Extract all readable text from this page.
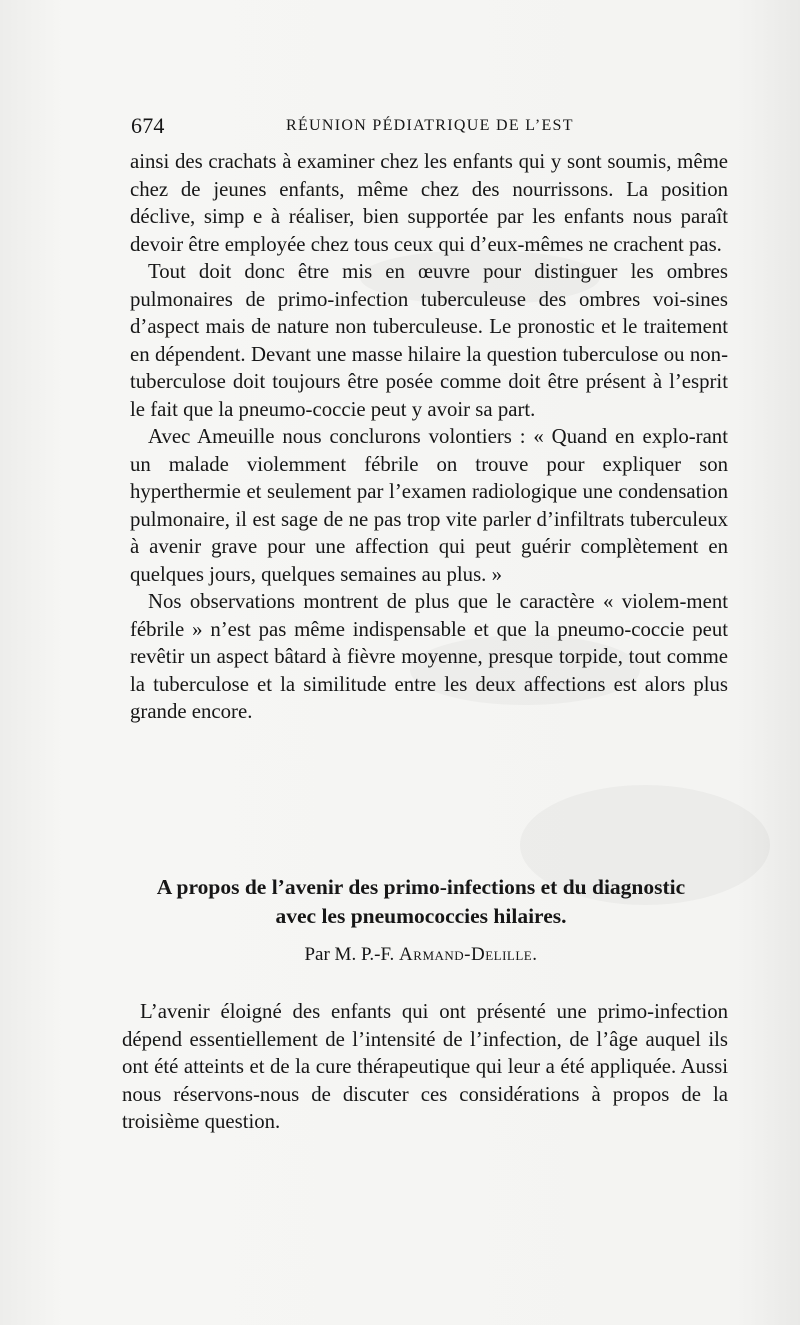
674	RÉUNION PÉDIATRIQUE DE L’EST

ainsi des crachats à examiner chez les enfants qui y sont soumis, même chez de jeunes enfants, même chez des nourrissons. La position déclive, simp e à réaliser, bien supportée par les enfants nous paraît devoir être employée chez tous ceux qui d’eux-mêmes ne crachent pas.

Tout doit donc être mis en œuvre pour distinguer les ombres pulmonaires de primo-infection tuberculeuse des ombres voi-sines d’aspect mais de nature non tuberculeuse. Le pronostic et le traitement en dépendent. Devant une masse hilaire la question tuberculose ou non-tuberculose doit toujours être posée comme doit être présent à l’esprit le fait que la pneumo-coccie peut y avoir sa part.

Avec Ameuille nous conclurons volontiers : « Quand en explo-rant un malade violemment fébrile on trouve pour expliquer son hyperthermie et seulement par l’examen radiologique une condensation pulmonaire, il est sage de ne pas trop vite parler d’infiltrats tuberculeux à avenir grave pour une affection qui peut guérir complètement en quelques jours, quelques semaines au plus. »

Nos observations montrent de plus que le caractère « violem-ment fébrile » n’est pas même indispensable et que la pneumo-coccie peut revêtir un aspect bâtard à fièvre moyenne, presque torpide, tout comme la tuberculose et la similitude entre les deux affections est alors plus grande encore.

A propos de l’avenir des primo-infections et du diagnostic

avec les pneumococcies hilaires.

Par M. P.-F. Armand-Delille.

L’avenir éloigné des enfants qui ont présenté une primo-infection dépend essentiellement de l’intensité de l’infection, de l’âge auquel ils ont été atteints et de la cure thérapeutique qui leur a été appliquée. Aussi nous réservons-nous de discuter ces considérations à propos de la troisième question.
